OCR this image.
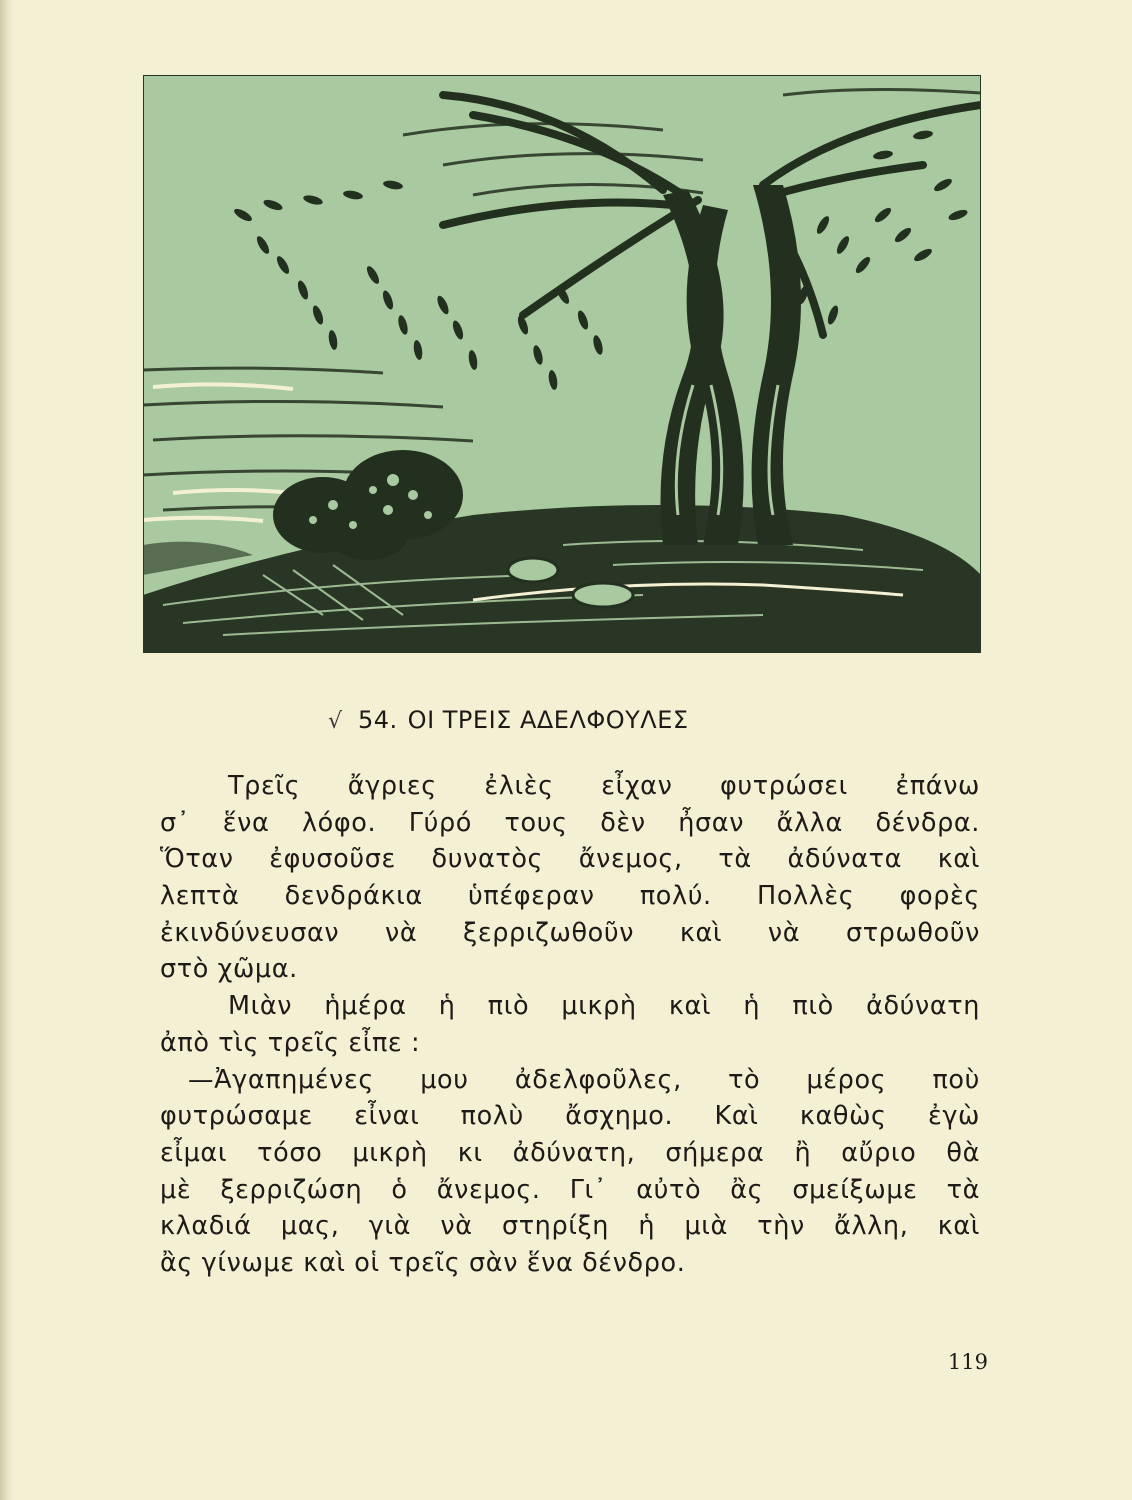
√ 54. ΟΙ ΤΡΕΙΣ ΑΔΕΛΦΟΥΛΕΣ
Τρεῖς ἄγριες ἐλιὲς εἶχαν φυτρώσει ἐπάνω
σ᾿ ἕνα λόφο. Γύρό τους δὲν ἦσαν ἄλλα δένδρα.
Ὅταν ἐφυσοῦσε δυνατὸς ἄνεμος, τὰ ἀδύνατα καὶ
λεπτὰ δενδράκια ὑπέφεραν πολύ. Πολλὲς φορὲς
ἐκινδύνευσαν νὰ ξερριζωθοῦν καὶ νὰ στρωθοῦν
στὸ χῶμα.
Μιὰν ἡμέρα ἡ πιὸ μικρὴ καὶ ἡ πιὸ ἀδύνατη
ἀπὸ τὶς τρεῖς εἶπε :
—Ἀγαπημένες μου ἀδελφοῦλες, τὸ μέρος ποὺ
φυτρώσαμε εἶναι πολὺ ἄσχημο. Καὶ καθὼς ἐγὼ
εἶμαι τόσο μικρὴ κι ἀδύνατη, σήμερα ἢ αὔριο θὰ
μὲ ξερριζώση ὁ ἄνεμος. Γι᾿ αὐτὸ ἂς σμείξωμε τὰ
κλαδιά μας, γιὰ νὰ στηρίξη ἡ μιὰ τὴν ἄλλη, καὶ
ἂς γίνωμε καὶ οἱ τρεῖς σὰν ἕνα δένδρο.
119
